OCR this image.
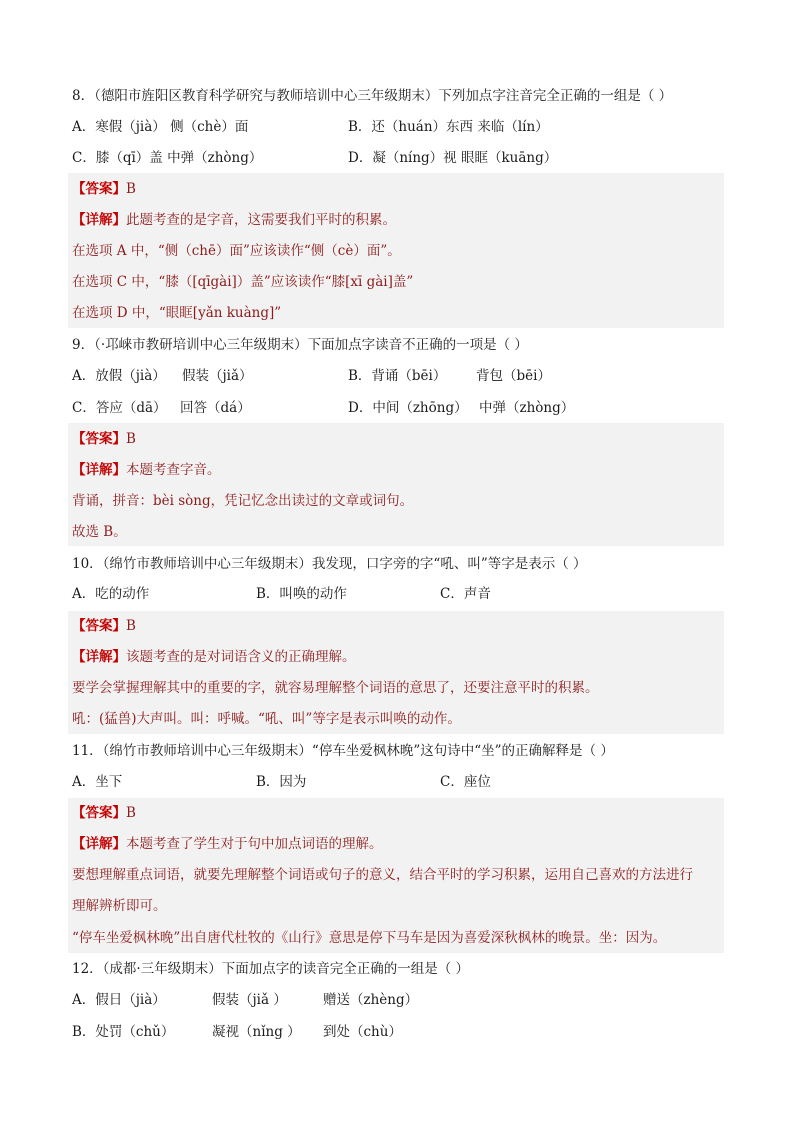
8．（德阳市旌阳区教育科学研究与教师培训中心三年级期末）下列加点字注音完全正确的一组是（ ）
A．寒假（jià） 侧（chè）面	B．还（huán）东西 来临（lín）
C．膝（qī）盖 中弹（zhòng）	D．凝（níng）视 眼眶（kuāng）
【答案】B
【详解】此题考查的是字音，这需要我们平时的积累。
在选项 A 中，“侧（chē）面”应该读作“侧（cè）面”。
在选项 C 中，“膝（[qīgài]）盖”应该读作“膝[xī gài]盖”
在选项 D 中，“眼眶[yǎn kuàng]”
9．（·邛崃市教研培训中心三年级期末）下面加点字读音不正确的一项是（ ）
A．放假（jià） 假装（jiǎ）	B．背诵（bēi） 背包（bēi）
C．答应（dā） 回答（dá）	D．中间（zhōng） 中弹（zhòng）
【答案】B
【详解】本题考查字音。
背诵，拼音：bèi sòng，凭记忆念出读过的文章或词句。
故选 B。
10．（绵竹市教师培训中心三年级期末）我发现，口字旁的字“吼、叫”等字是表示（ ）
A．吃的动作	B．叫唤的动作	C．声音
【答案】B
【详解】该题考查的是对词语含义的正确理解。
要学会掌握理解其中的重要的字，就容易理解整个词语的意思了，还要注意平时的积累。
吼：(猛兽)大声叫。叫：呼喊。“吼、叫”等字是表示叫唤的动作。
11．（绵竹市教师培训中心三年级期末）“停车坐爱枫林晚”这句诗中“坐”的正确解释是（ ）
A．坐下	B．因为	C．座位
【答案】B
【详解】本题考查了学生对于句中加点词语的理解。
要想理解重点词语，就要先理解整个词语或句子的意义，结合平时的学习积累，运用自己喜欢的方法进行
理解辨析即可。
“停车坐爱枫林晚”出自唐代杜牧的《山行》意思是停下马车是因为喜爱深秋枫林的晚景。坐：因为。
12．（成都·三年级期末）下面加点字的读音完全正确的一组是（ ）
A．假日（jià）	假装（jiǎ ）	赠送（zhèng）
B．处罚（chǔ）	凝视（nǐng ） 到处（chù）
